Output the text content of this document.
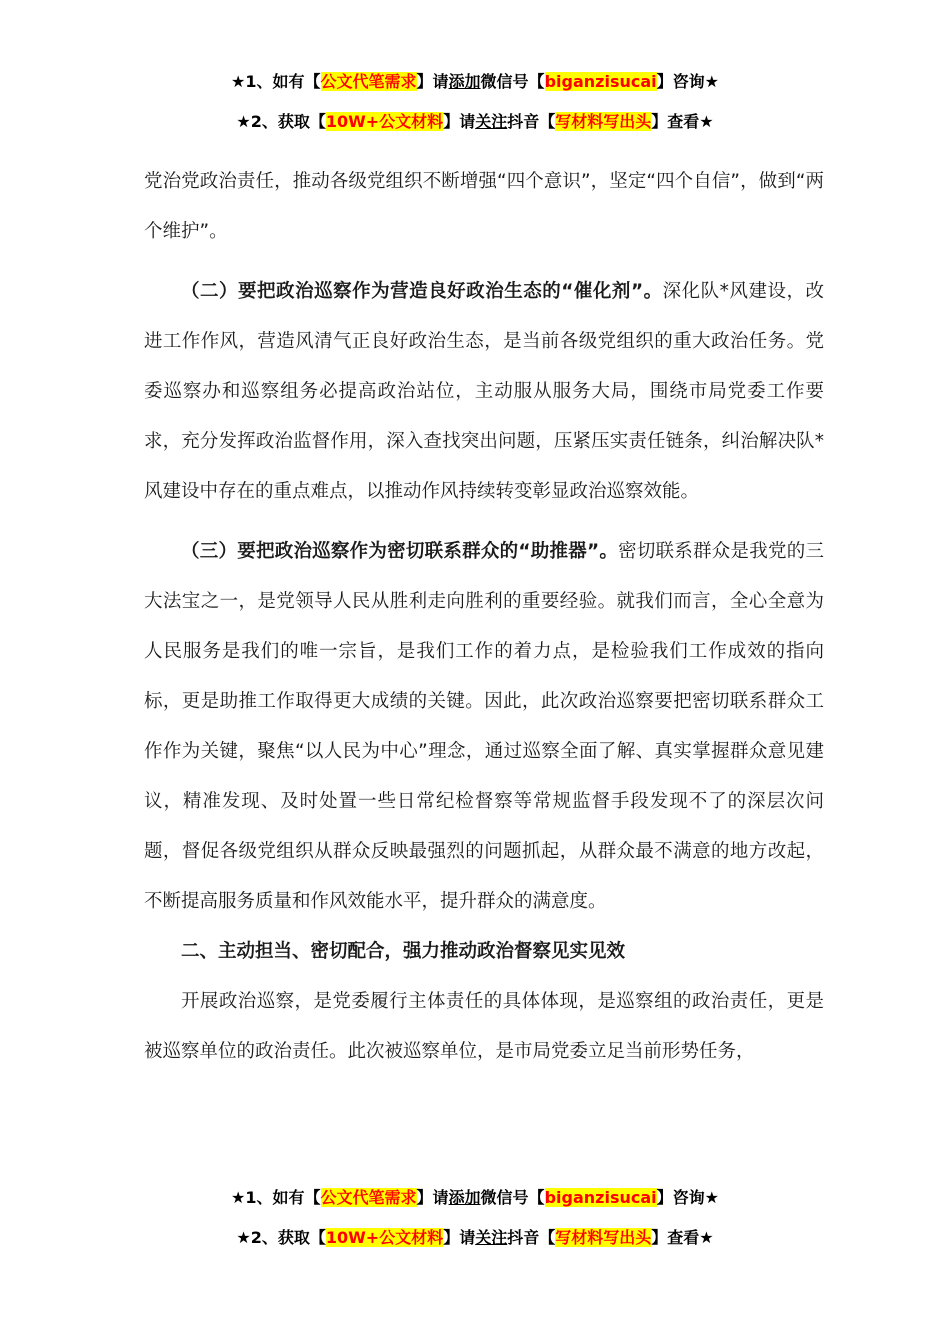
★1、如有【公文代笔需求】请添加微信号【biganzisucai】咨询★
★2、获取【10W+公文材料】请关注抖音【写材料写出头】查看★

党治党政治责任，推动各级党组织不断增强“四个意识”，坚定“四个自信”，做到“两个维护”。

（二）要把政治巡察作为营造良好政治生态的“催化剂”。深化队*风建设，改进工作作风，营造风清气正良好政治生态，是当前各级党组织的重大政治任务。党委巡察办和巡察组务必提高政治站位，主动服从服务大局，围绕市局党委工作要求，充分发挥政治监督作用，深入查找突出问题，压紧压实责任链条，纠治解决队*风建设中存在的重点难点，以推动作风持续转变彰显政治巡察效能。

（三）要把政治巡察作为密切联系群众的“助推器”。密切联系群众是我党的三大法宝之一，是党领导人民从胜利走向胜利的重要经验。就我们而言，全心全意为人民服务是我们的唯一宗旨，是我们工作的着力点，是检验我们工作成效的指向标，更是助推工作取得更大成绩的关键。因此，此次政治巡察要把密切联系群众工作作为关键，聚焦“以人民为中心”理念，通过巡察全面了解、真实掌握群众意见建议，精准发现、及时处置一些日常纪检督察等常规监督手段发现不了的深层次问题，督促各级党组织从群众反映最强烈的问题抓起，从群众最不满意的地方改起，不断提高服务质量和作风效能水平，提升群众的满意度。

二、主动担当、密切配合，强力推动政治督察见实见效

开展政治巡察，是党委履行主体责任的具体体现，是巡察组的政治责任，更是被巡察单位的政治责任。此次被巡察单位，是市局党委立足当前形势任务，

★1、如有【公文代笔需求】请添加微信号【biganzisucai】咨询★
★2、获取【10W+公文材料】请关注抖音【写材料写出头】查看★
